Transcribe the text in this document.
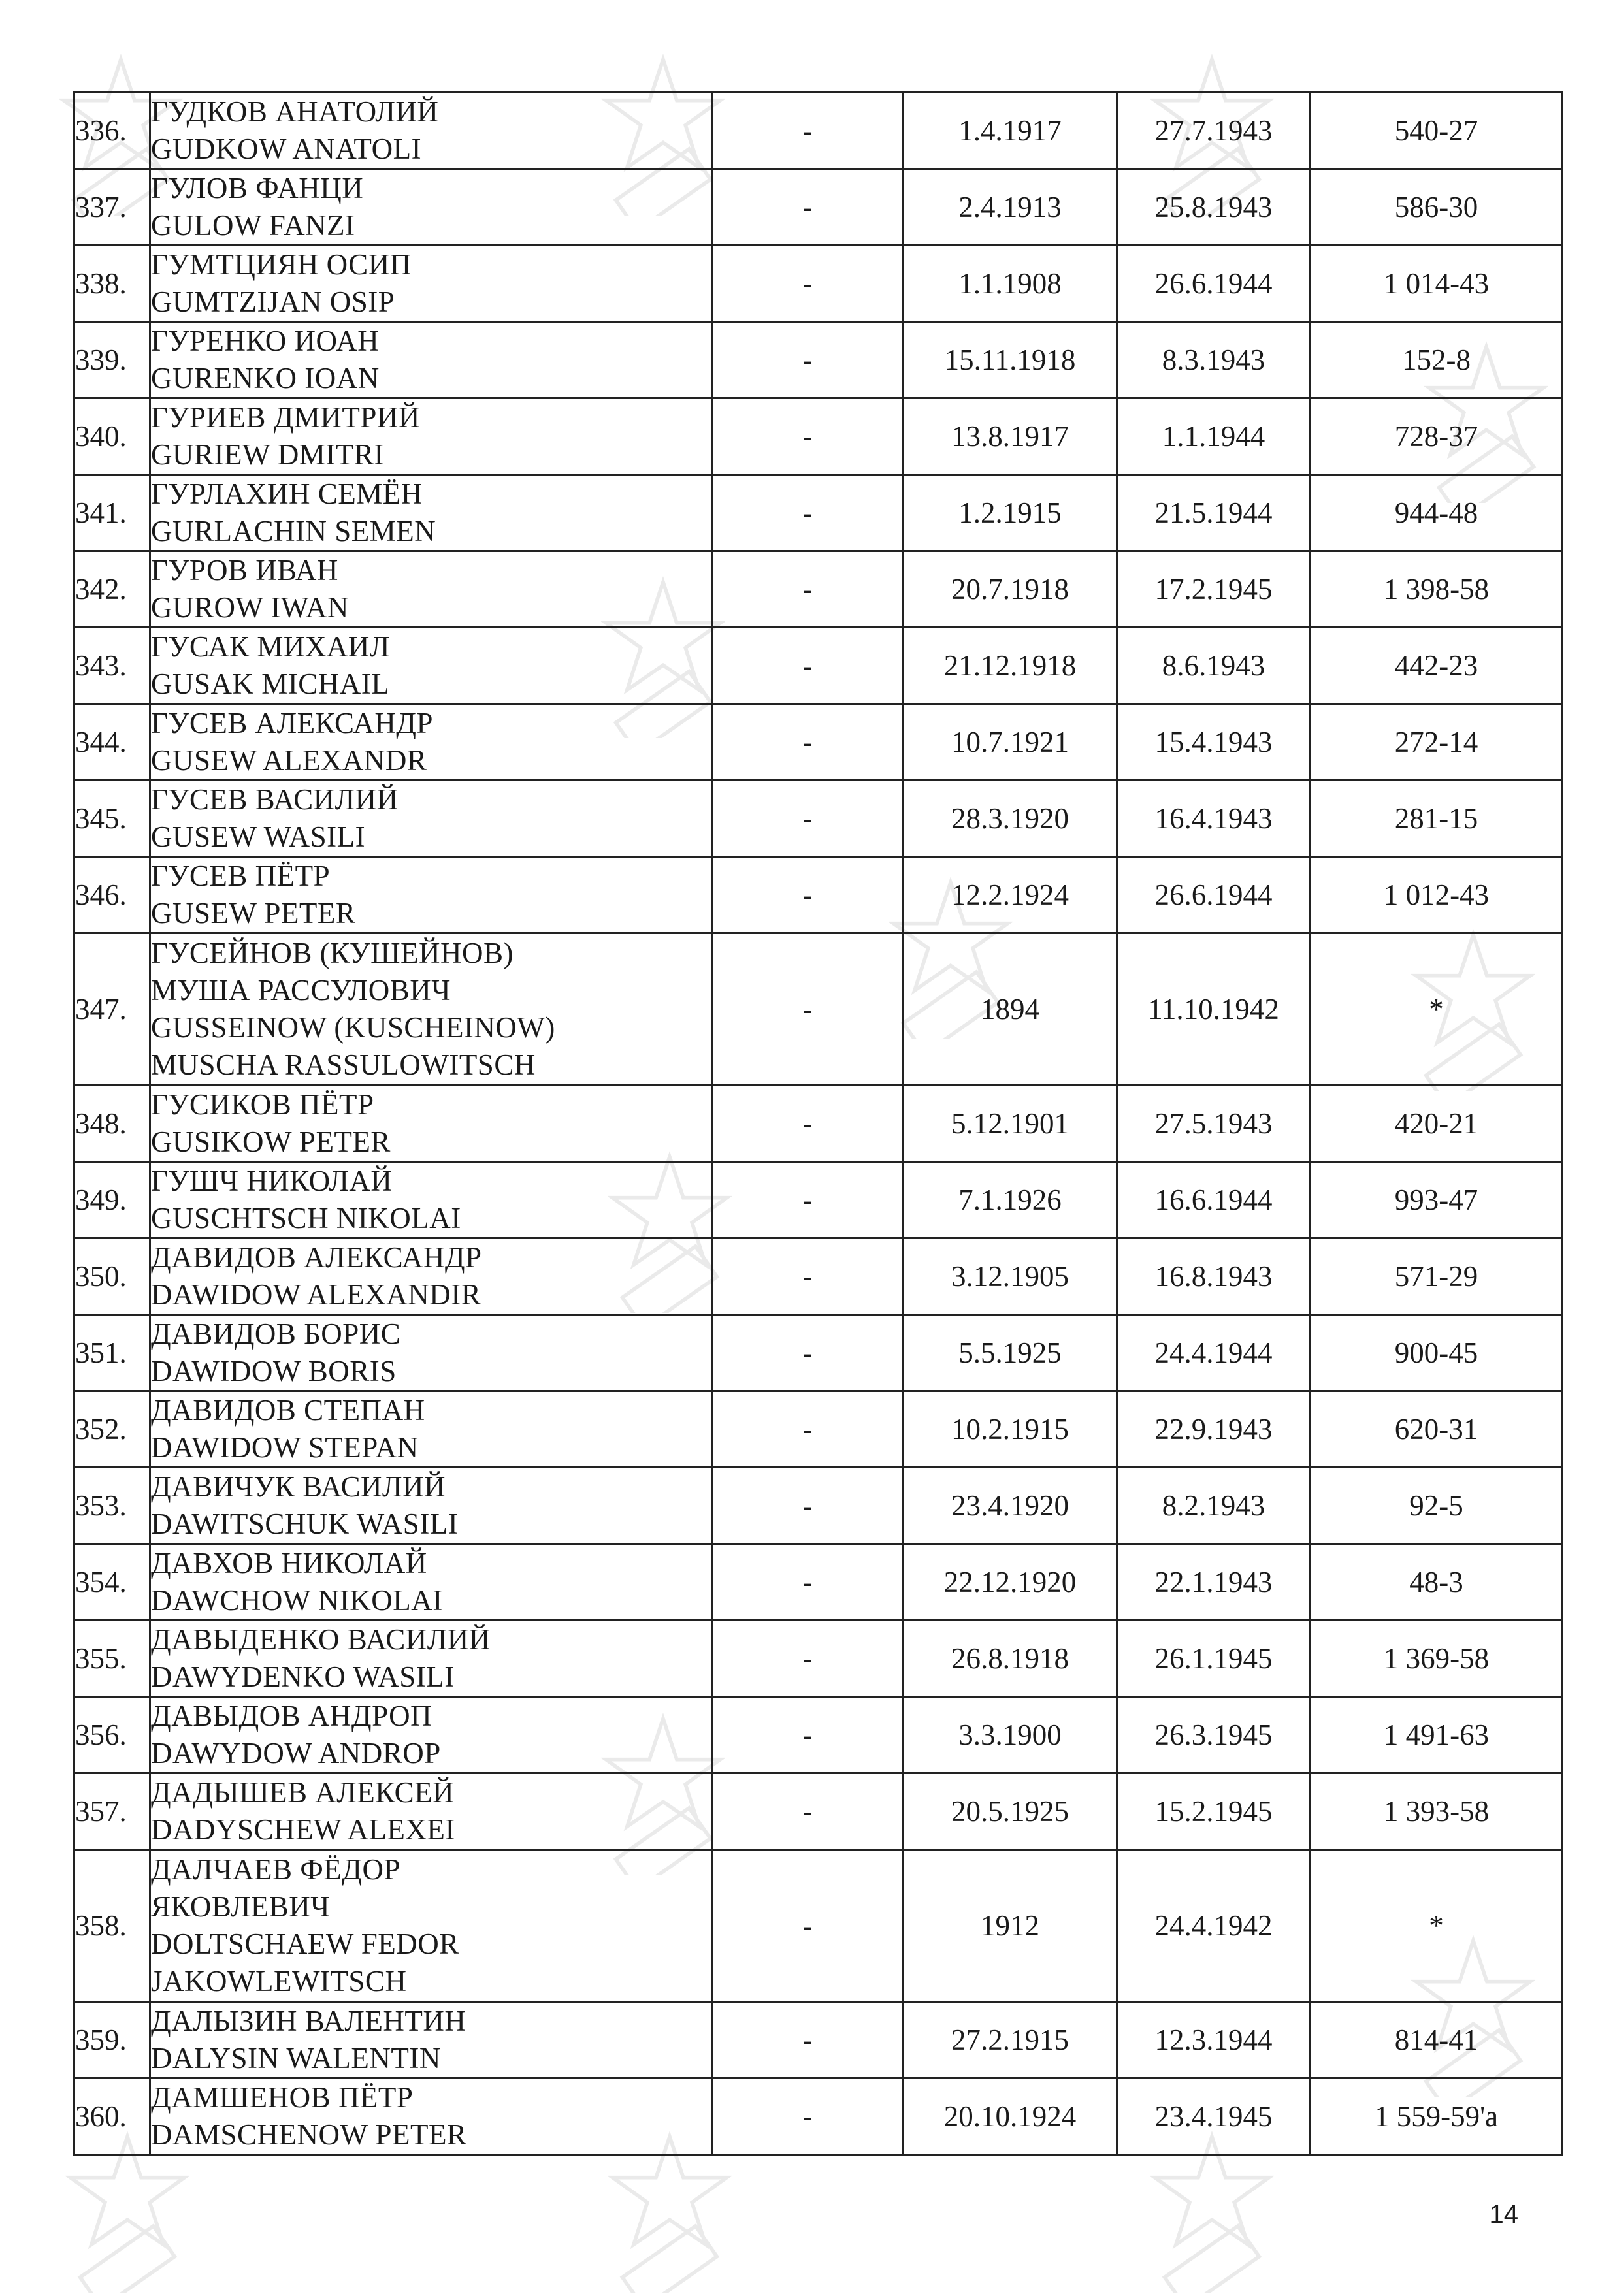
336.	ГУДКОВ АНАТОЛИЙ
GUDKOW ANATOLI	-	1.4.1917	27.7.1943	540-27
337.	ГУЛОВ ФАНЦИ
GULOW FANZI	-	2.4.1913	25.8.1943	586-30
338.	ГУМТЦИЯН ОСИП
GUMTZIJAN OSIP	-	1.1.1908	26.6.1944	1 014-43
339.	ГУРЕНКО ИОАН
GURENKO IOAN	-	15.11.1918	8.3.1943	152-8
340.	ГУРИЕВ ДМИТРИЙ
GURIEW DMITRI	-	13.8.1917	1.1.1944	728-37
341.	ГУРЛАХИН СЕМЁН
GURLACHIN SEMEN	-	1.2.1915	21.5.1944	944-48
342.	ГУРОВ ИВАН
GUROW IWAN	-	20.7.1918	17.2.1945	1 398-58
343.	ГУСАК МИХАИЛ
GUSAK MICHAIL	-	21.12.1918	8.6.1943	442-23
344.	ГУСЕВ АЛЕКСАНДР
GUSEW ALEXANDR	-	10.7.1921	15.4.1943	272-14
345.	ГУСЕВ ВАСИЛИЙ
GUSEW WASILI	-	28.3.1920	16.4.1943	281-15
346.	ГУСЕВ ПЁТР
GUSEW PETER	-	12.2.1924	26.6.1944	1 012-43
347.	ГУСЕЙНОВ (КУШЕЙНОВ)
МУША РАССУЛОВИЧ
GUSSEINOW (KUSCHEINOW)
MUSCHA RASSULOWITSCH	-	1894	11.10.1942	*
348.	ГУСИКОВ ПЁТР
GUSIKOW PETER	-	5.12.1901	27.5.1943	420-21
349.	ГУШЧ НИКОЛАЙ
GUSCHTSCH NIKOLAI	-	7.1.1926	16.6.1944	993-47
350.	ДАВИДОВ АЛЕКСАНДР
DAWIDOW ALEXANDIR	-	3.12.1905	16.8.1943	571-29
351.	ДАВИДОВ БОРИС
DAWIDOW BORIS	-	5.5.1925	24.4.1944	900-45
352.	ДАВИДОВ СТЕПАН
DAWIDOW STEPAN	-	10.2.1915	22.9.1943	620-31
353.	ДАВИЧУК ВАСИЛИЙ
DAWITSCHUK WASILI	-	23.4.1920	8.2.1943	92-5
354.	ДАВХОВ НИКОЛАЙ
DAWCHOW NIKOLAI	-	22.12.1920	22.1.1943	48-3
355.	ДАВЫДЕНКО ВАСИЛИЙ
DAWYDENKO WASILI	-	26.8.1918	26.1.1945	1 369-58
356.	ДАВЫДОВ АНДРОП
DAWYDOW ANDROP	-	3.3.1900	26.3.1945	1 491-63
357.	ДАДЫШЕВ АЛЕКСЕЙ
DADYSCHEW ALEXEI	-	20.5.1925	15.2.1945	1 393-58
358.	ДАЛЧАЕВ ФЁДОР
ЯКОВЛЕВИЧ
DOLTSCHAEW FEDOR
JAKOWLEWITSCH	-	1912	24.4.1942	*
359.	ДАЛЫЗИН ВАЛЕНТИН
DALYSIN WALENTIN	-	27.2.1915	12.3.1944	814-41
360.	ДАМШЕНОВ ПЁТР
DAMSCHENOW PETER	-	20.10.1924	23.4.1945	1 559-59'a
14
